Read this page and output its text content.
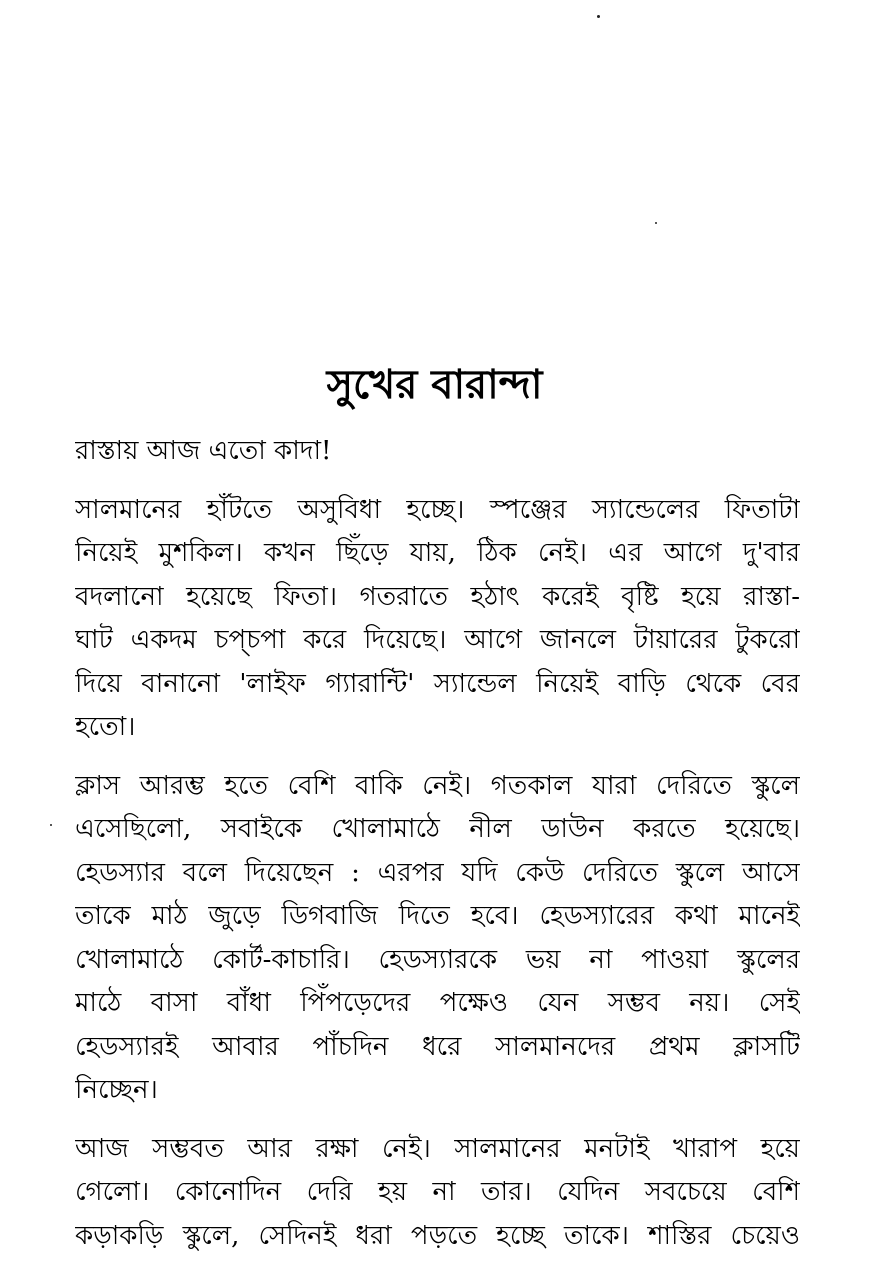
সুখের বারান্দা

রাস্তায় আজ এতো কাদা!

সালমানের হাঁটতে অসুবিধা হচ্ছে। স্পঞ্জের স্যান্ডেলের ফিতাটা
নিয়েই মুশকিল। কখন ছিঁড়ে যায়, ঠিক নেই। এর আগে দু'বার
বদলানো হয়েছে ফিতা। গতরাতে হঠাৎ করেই বৃষ্টি হয়ে রাস্তা-
ঘাট একদম চপ্‌চপা করে দিয়েছে। আগে জানলে টায়ারের টুকরো
দিয়ে বানানো 'লাইফ গ্যারান্টি' স্যান্ডেল নিয়েই বাড়ি থেকে বের
হতো।

ক্লাস আরম্ভ হতে বেশি বাকি নেই। গতকাল যারা দেরিতে স্কুলে
এসেছিলো, সবাইকে খোলামাঠে নীল ডাউন করতে হয়েছে।
হেডস্যার বলে দিয়েছেন : এরপর যদি কেউ দেরিতে স্কুলে আসে
তাকে মাঠ জুড়ে ডিগবাজি দিতে হবে। হেডস্যারের কথা মানেই
খোলামাঠে কোর্ট-কাচারি। হেডস্যারকে ভয় না পাওয়া স্কুলের
মাঠে বাসা বাঁধা পিঁপড়েদের পক্ষেও যেন সম্ভব নয়। সেই
হেডস্যারই আবার পাঁচদিন ধরে সালমানদের প্রথম ক্লাসটি
নিচ্ছেন।

আজ সম্ভবত আর রক্ষা নেই। সালমানের মনটাই খারাপ হয়ে
গেলো। কোনোদিন দেরি হয় না তার। যেদিন সবচেয়ে বেশি
কড়াকড়ি স্কুলে, সেদিনই ধরা পড়তে হচ্ছে তাকে। শাস্তির চেয়েও
